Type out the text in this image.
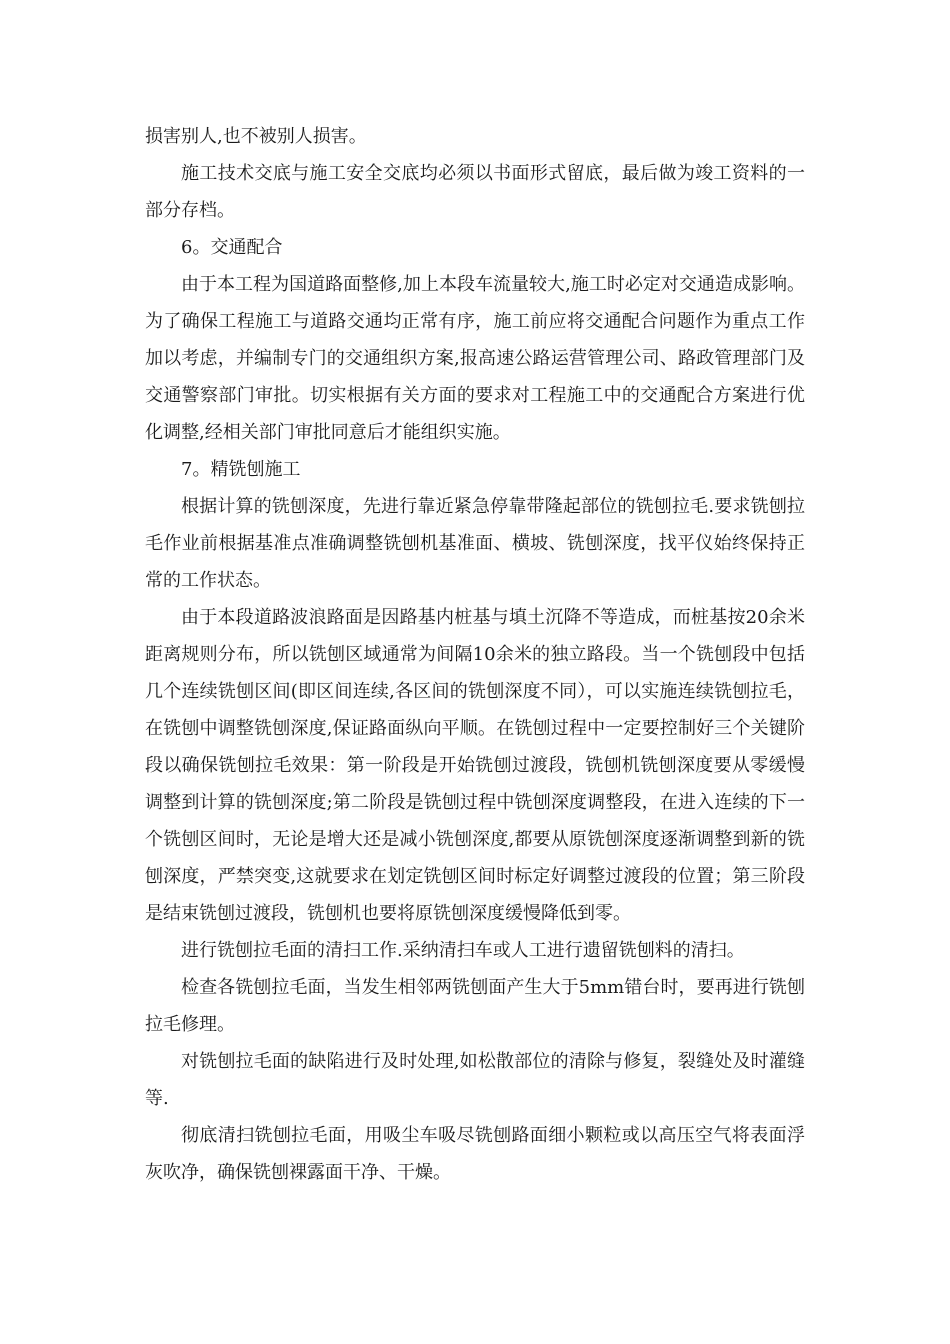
损害别人,也不被别人损害。

施工技术交底与施工安全交底均必须以书面形式留底，最后做为竣工资料的一部分存档。

6。交通配合

由于本工程为国道路面整修,加上本段车流量较大,施工时必定对交通造成影响。为了确保工程施工与道路交通均正常有序，施工前应将交通配合问题作为重点工作加以考虑，并编制专门的交通组织方案,报高速公路运营管理公司、路政管理部门及交通警察部门审批。切实根据有关方面的要求对工程施工中的交通配合方案进行优化调整,经相关部门审批同意后才能组织实施。

7。精铣刨施工

根据计算的铣刨深度，先进行靠近紧急停靠带隆起部位的铣刨拉毛.要求铣刨拉毛作业前根据基准点准确调整铣刨机基准面、横坡、铣刨深度，找平仪始终保持正常的工作状态。

由于本段道路波浪路面是因路基内桩基与填土沉降不等造成，而桩基按20余米距离规则分布，所以铣刨区域通常为间隔10余米的独立路段。当一个铣刨段中包括几个连续铣刨区间(即区间连续,各区间的铣刨深度不同），可以实施连续铣刨拉毛，在铣刨中调整铣刨深度,保证路面纵向平顺。在铣刨过程中一定要控制好三个关键阶段以确保铣刨拉毛效果：第一阶段是开始铣刨过渡段，铣刨机铣刨深度要从零缓慢调整到计算的铣刨深度;第二阶段是铣刨过程中铣刨深度调整段，在进入连续的下一个铣刨区间时，无论是增大还是减小铣刨深度,都要从原铣刨深度逐渐调整到新的铣刨深度，严禁突变,这就要求在划定铣刨区间时标定好调整过渡段的位置；第三阶段是结束铣刨过渡段，铣刨机也要将原铣刨深度缓慢降低到零。

进行铣刨拉毛面的清扫工作.采纳清扫车或人工进行遗留铣刨料的清扫。

检查各铣刨拉毛面，当发生相邻两铣刨面产生大于5mm错台时，要再进行铣刨拉毛修理。

对铣刨拉毛面的缺陷进行及时处理,如松散部位的清除与修复，裂缝处及时灌缝等.

彻底清扫铣刨拉毛面，用吸尘车吸尽铣刨路面细小颗粒或以高压空气将表面浮灰吹净，确保铣刨裸露面干净、干燥。
